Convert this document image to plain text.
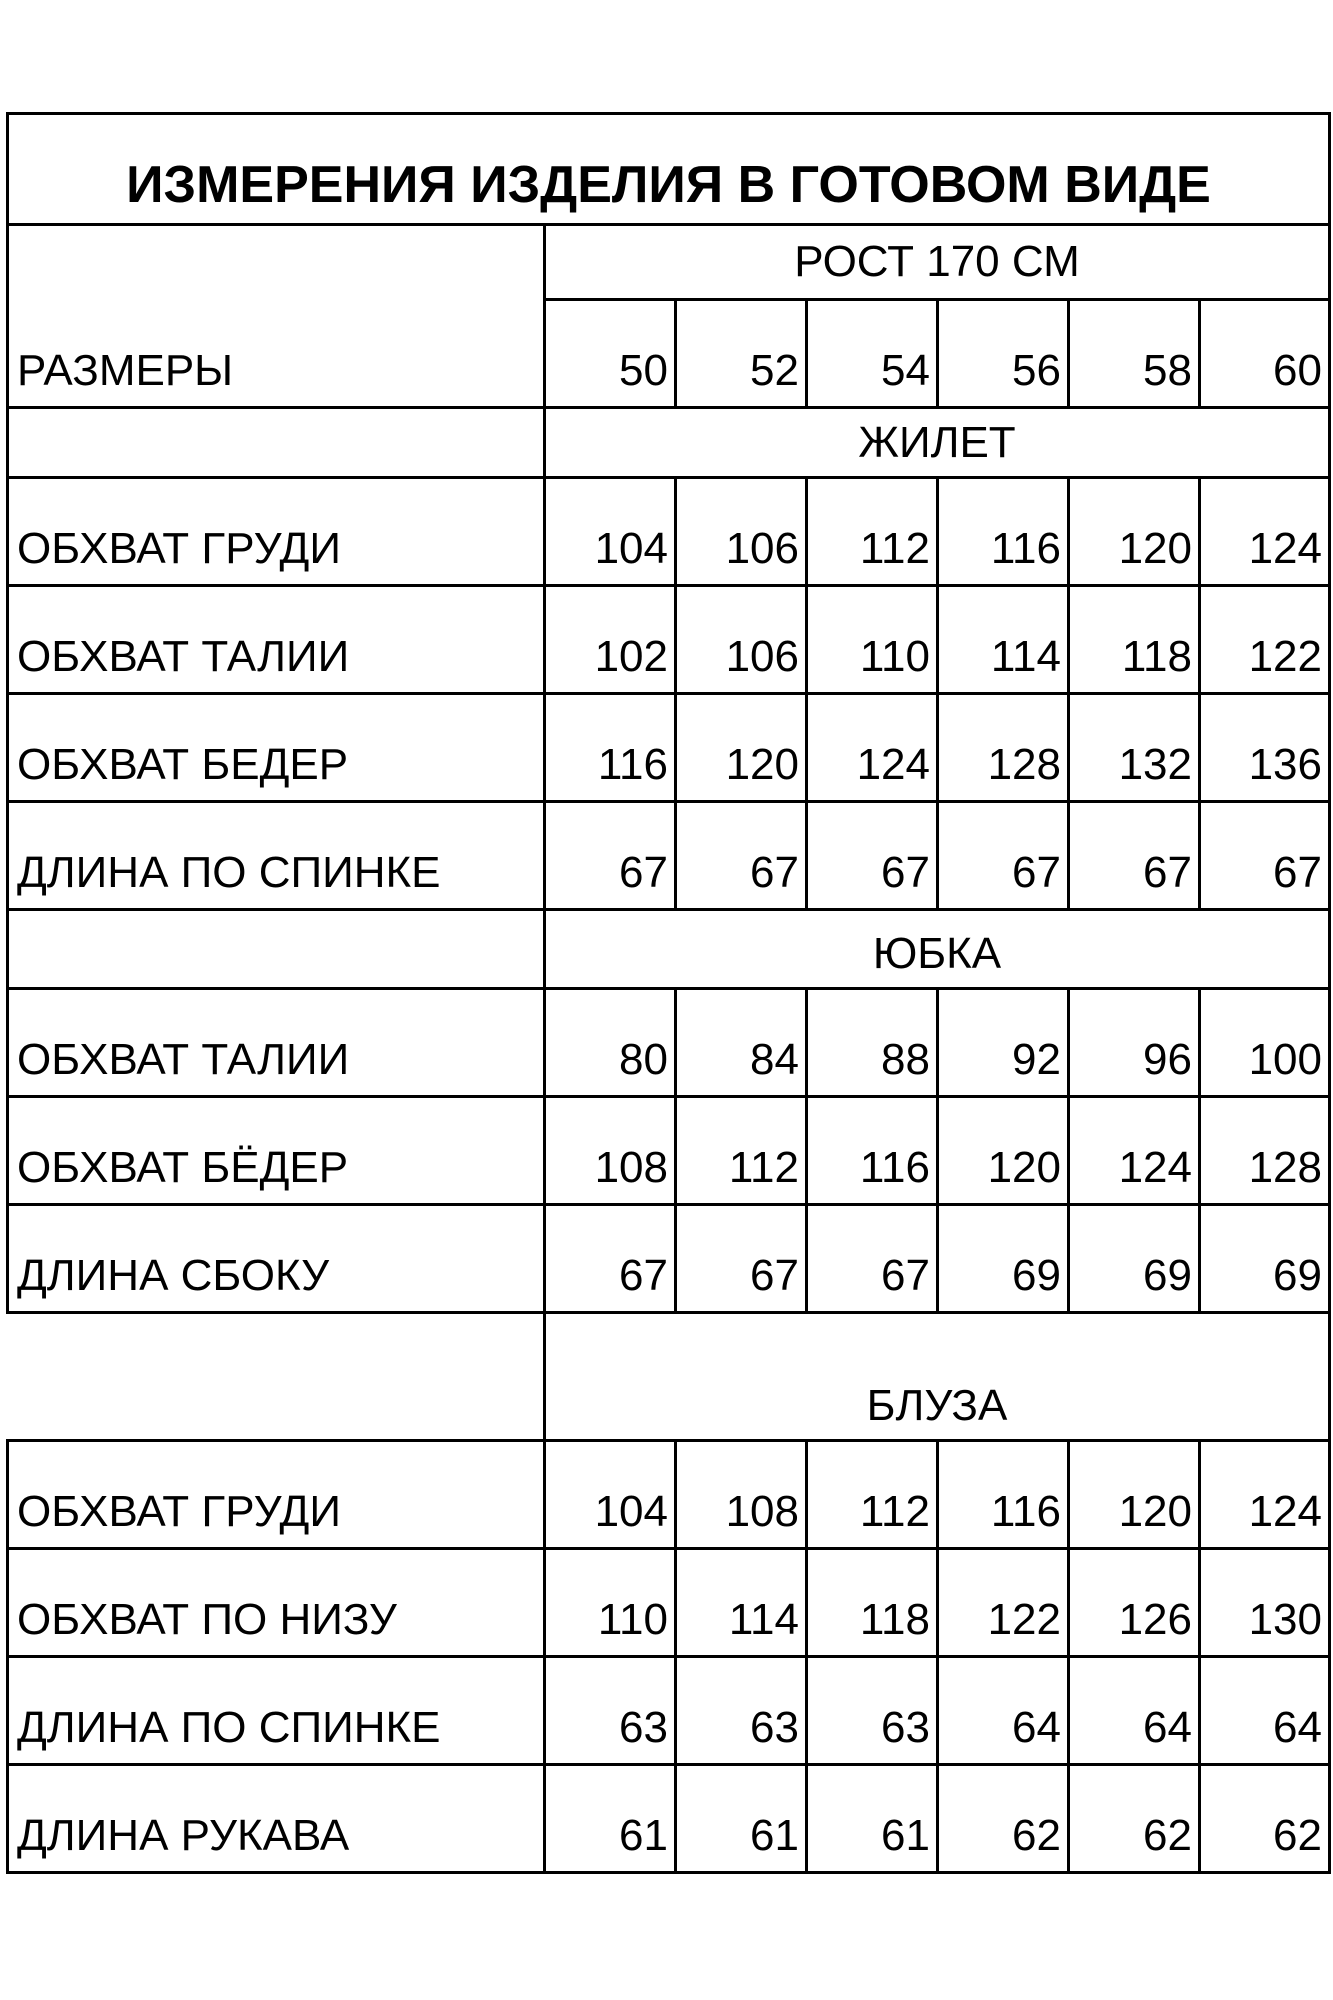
ИЗМЕРЕНИЯ ИЗДЕЛИЯ В ГОТОВОМ ВИДЕ						
РАЗМЕРЫ	РОСТ 170 СМ					
	50	52	54	56	58	60
	ЖИЛЕТ					
ОБХВАТ ГРУДИ	104	106	112	116	120	124
ОБХВАТ ТАЛИИ	102	106	110	114	118	122
ОБХВАТ БЕДЕР	116	120	124	128	132	136
ДЛИНА ПО СПИНКЕ	67	67	67	67	67	67
	ЮБКА					
ОБХВАТ ТАЛИИ	80	84	88	92	96	100
ОБХВАТ БЁДЕР	108	112	116	120	124	128
ДЛИНА СБОКУ	67	67	67	69	69	69
	БЛУЗА					
ОБХВАТ ГРУДИ	104	108	112	116	120	124
ОБХВАТ ПО НИЗУ	110	114	118	122	126	130
ДЛИНА ПО СПИНКЕ	63	63	63	64	64	64
ДЛИНА РУКАВА	61	61	61	62	62	62
